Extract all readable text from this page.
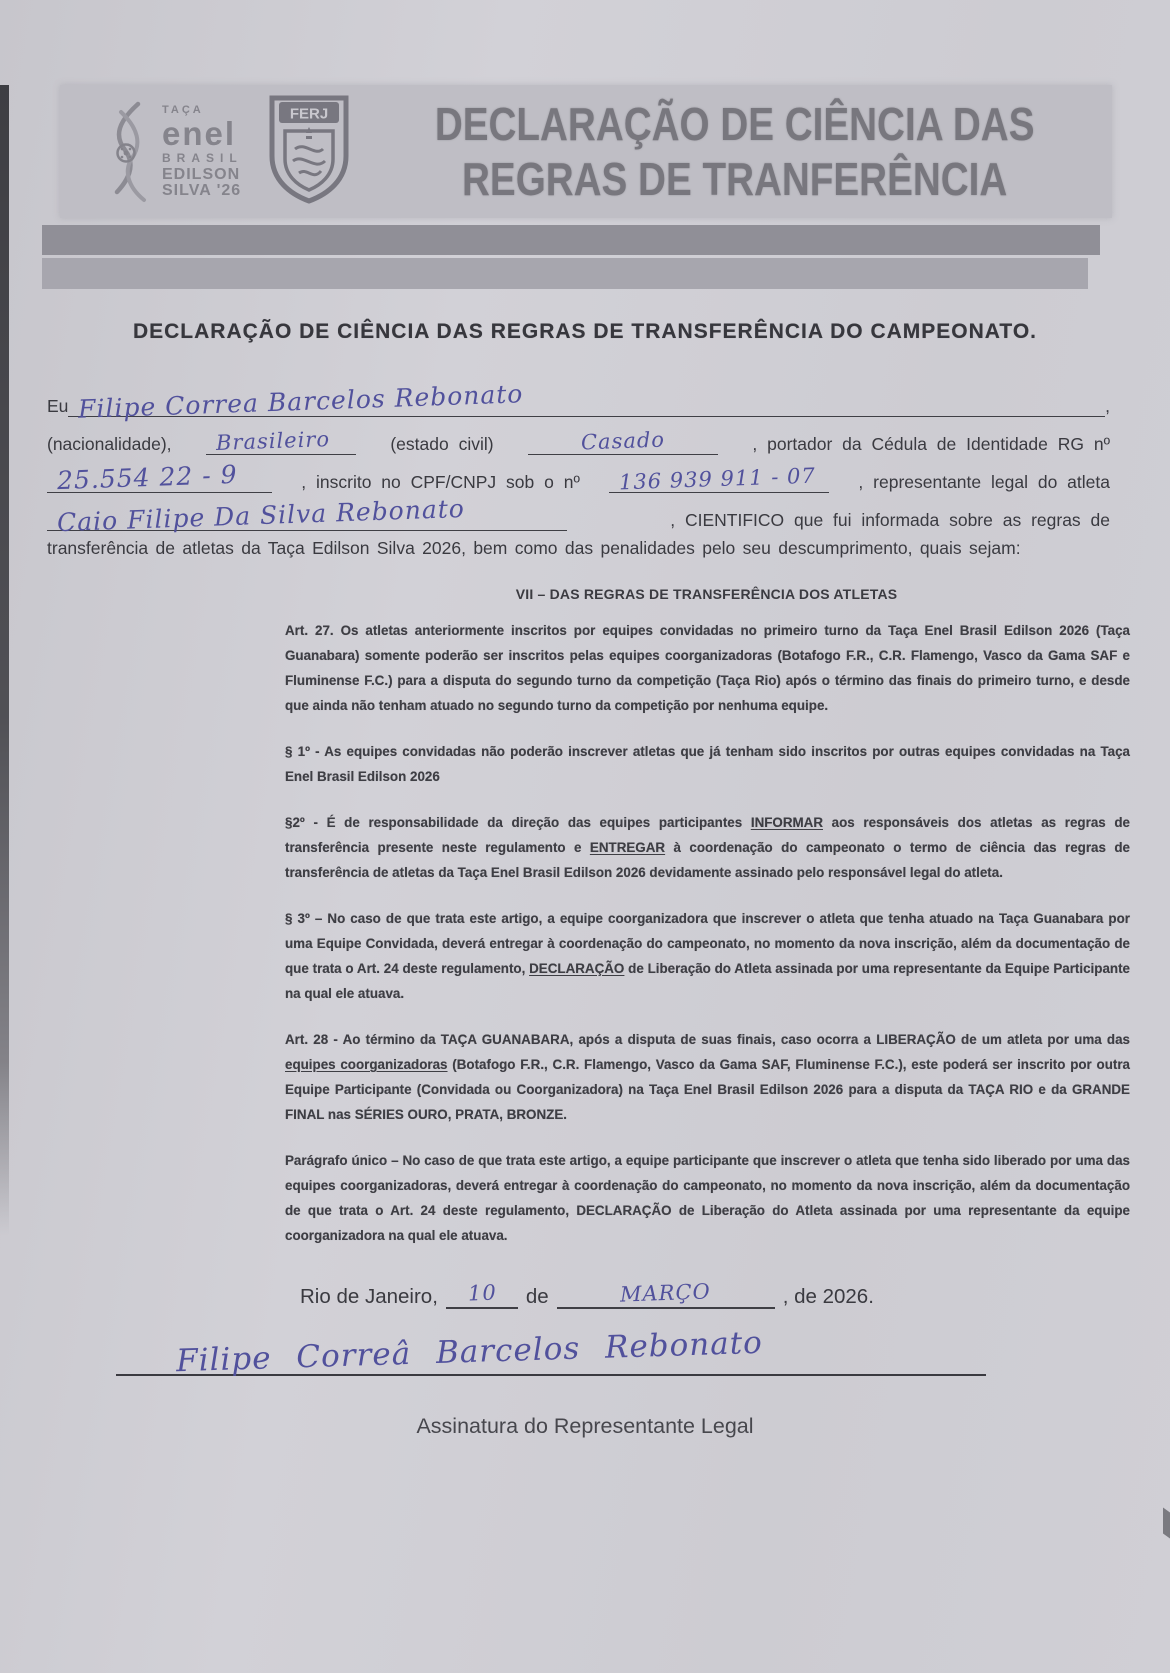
TAÇA
enel
BRASIL
EDILSON
SILVA '26
FERJ DECLARAÇÃO DE CIÊNCIA DAS
REGRAS DE TRANFERÊNCIA
DECLARAÇÃO DE CIÊNCIA DAS REGRAS DE TRANSFERÊNCIA DO CAMPEONATO.
Eu Filipe Correa Barcelos Rebonato	,
(nacionalidade),	Brasileiro	(estado civil)	Casado	, portador da Cédula de Identidade RG nº
25.554 22 - 9	, inscrito no CPF/CNPJ sob o nº	136 939 911 - 07	, representante legal do atleta
Caio Filipe Da Silva Rebonato	, CIENTIFICO que fui informada sobre as regras de
transferência de atletas da Taça Edilson Silva 2026, bem como das penalidades pelo seu descumprimento, quais sejam:
VII – DAS REGRAS DE TRANSFERÊNCIA DOS ATLETAS

Art. 27. Os atletas anteriormente inscritos por equipes convidadas no primeiro turno da Taça Enel Brasil Edilson 2026 (Taça Guanabara) somente poderão ser inscritos pelas equipes coorganizadoras (Botafogo F.R., C.R. Flamengo, Vasco da Gama SAF e Fluminense F.C.) para a disputa do segundo turno da competição (Taça Rio) após o término das finais do primeiro turno, e desde que ainda não tenham atuado no segundo turno da competição por nenhuma equipe.

§ 1º - As equipes convidadas não poderão inscrever atletas que já tenham sido inscritos por outras equipes convidadas na Taça Enel Brasil Edilson 2026

§2º - É de responsabilidade da direção das equipes participantes INFORMAR aos responsáveis dos atletas as regras de transferência presente neste regulamento e ENTREGAR à coordenação do campeonato o termo de ciência das regras de transferência de atletas da Taça Enel Brasil Edilson 2026 devidamente assinado pelo responsável legal do atleta.

§ 3º – No caso de que trata este artigo, a equipe coorganizadora que inscrever o atleta que tenha atuado na Taça Guanabara por uma Equipe Convidada, deverá entregar à coordenação do campeonato, no momento da nova inscrição, além da documentação de que trata o Art. 24 deste regulamento, DECLARAÇÃO de Liberação do Atleta assinada por uma representante da Equipe Participante na qual ele atuava.

Art. 28 - Ao término da TAÇA GUANABARA, após a disputa de suas finais, caso ocorra a LIBERAÇÃO de um atleta por uma das equipes coorganizadoras (Botafogo F.R., C.R. Flamengo, Vasco da Gama SAF, Fluminense F.C.), este poderá ser inscrito por outra Equipe Participante (Convidada ou Coorganizadora) na Taça Enel Brasil Edilson 2026 para a disputa da TAÇA RIO e da GRANDE FINAL nas SÉRIES OURO, PRATA, BRONZE.

Parágrafo único – No caso de que trata este artigo, a equipe participante que inscrever o atleta que tenha sido liberado por uma das equipes coorganizadoras, deverá entregar à coordenação do campeonato, no momento da nova inscrição, além da documentação de que trata o Art. 24 deste regulamento, DECLARAÇÃO de Liberação do Atleta assinada por uma representante da equipe coorganizadora na qual ele atuava.

Rio de Janeiro,	10	de	MARÇO	, de 2026.
Filipe Correâ Barcelos Rebonato
Assinatura do Representante Legal
